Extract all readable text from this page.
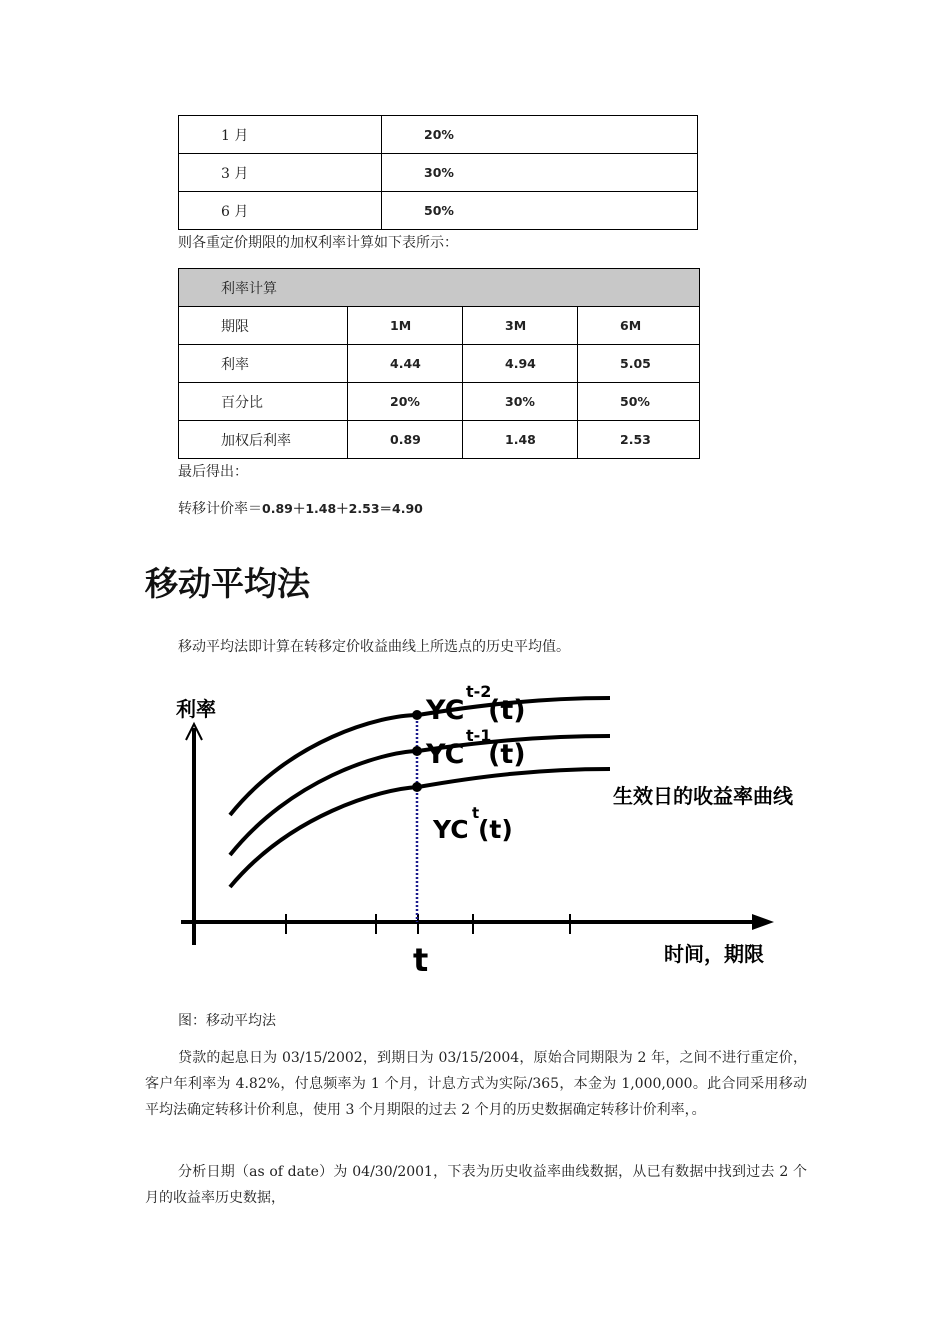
1 月	20%
3 月	30%
6 月	50%
则各重定价期限的加权利率计算如下表所示：
利率计算			
期限	1M	3M	6M
利率	4.44	4.94	5.05
百分比	20%	30%	50%
加权后利率	0.89	1.48	2.53
最后得出：
转移计价率＝0.89＋1.48＋2.53＝4.90
移动平均法
移动平均法即计算在转移定价收益曲线上所选点的历史平均值。
利率
时间，期限
t
生效日的收益率曲线
YC
t-2
(t)
YC
t-1
(t)
YC
t
(t)
图：移动平均法
贷款的起息日为 03/15/2002，到期日为 03/15/2004，原始合同期限为 2 年，之间不进行重定价，客户年利率为 4.82%，付息频率为 1 个月，计息方式为实际/365，本金为 1,000,000。此合同采用移动平均法确定转移计价利息，使用 3 个月期限的过去 2 个月的历史数据确定转移计价利率，。
分析日期（as of date）为 04/30/2001，下表为历史收益率曲线数据，从已有数据中找到过去 2 个月的收益率历史数据，
